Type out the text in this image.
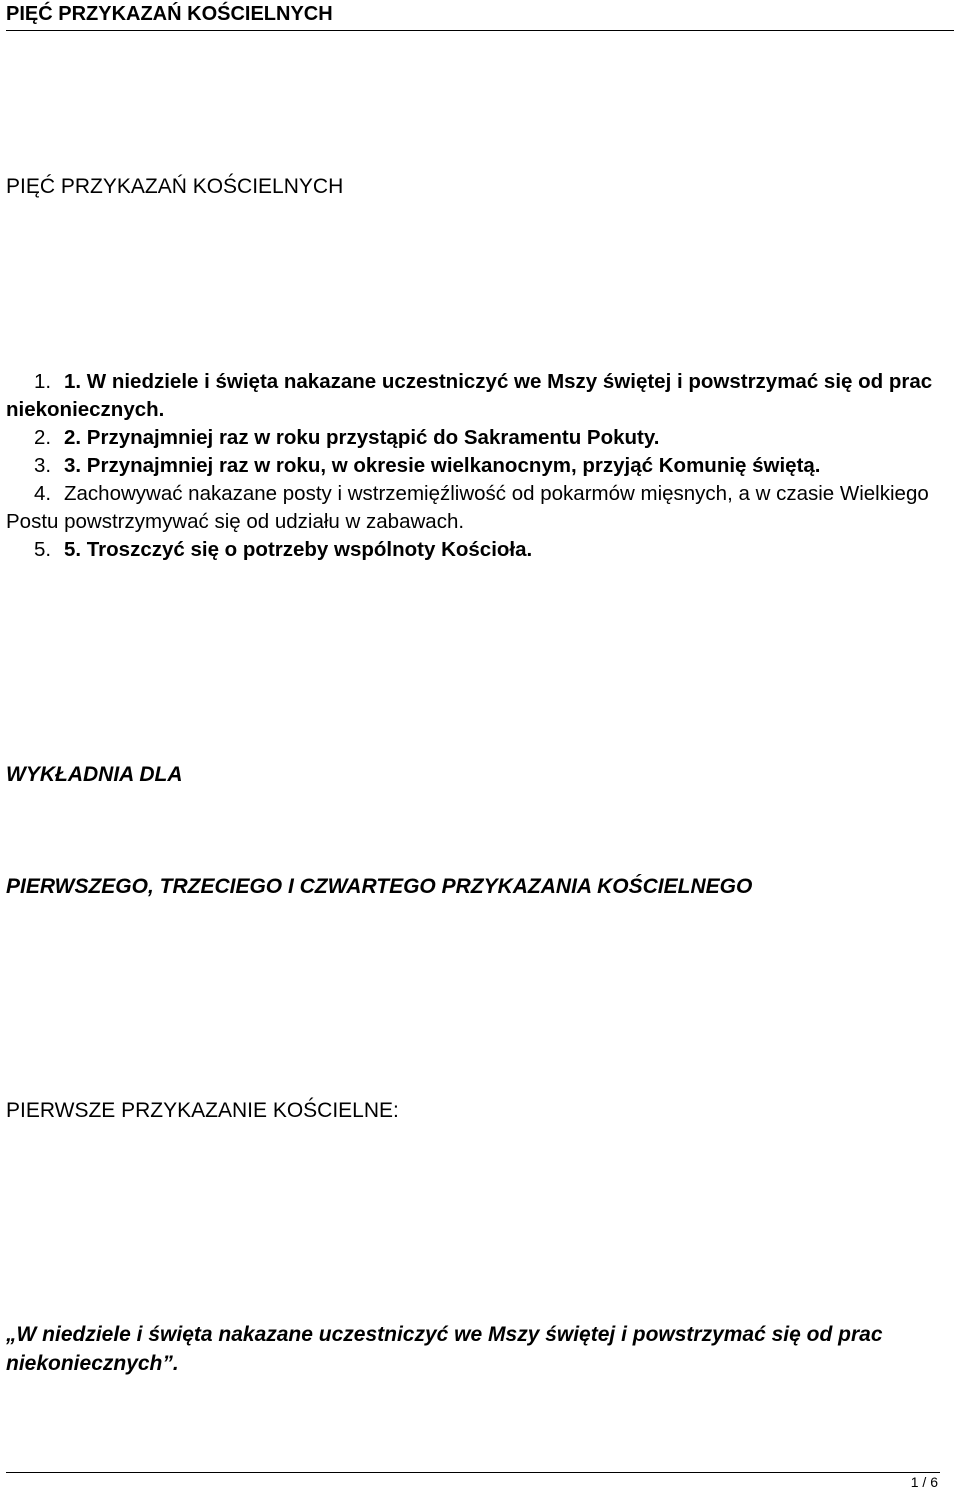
PIĘĆ PRZYKAZAŃ KOŚCIELNYCH
PIĘĆ PRZYKAZAŃ KOŚCIELNYCH

1. 1. W niedziele i święta nakazane uczestniczyć we Mszy świętej i powstrzymać się od prac niekoniecznych.

2. 2. Przynajmniej raz w roku przystąpić do Sakramentu Pokuty.

3. 3. Przynajmniej raz w roku, w okresie wielkanocnym, przyjąć Komunię świętą.

4. Zachowywać nakazane posty i wstrzemięźliwość od pokarmów mięsnych, a w czasie Wielkiego Postu powstrzymywać się od udziału w zabawach.

5. 5. Troszczyć się o potrzeby wspólnoty Kościoła.

WYKŁADNIA DLA
PIERWSZEGO, TRZECIEGO I CZWARTEGO PRZYKAZANIA KOŚCIELNEGO
PIERWSZE PRZYKAZANIE KOŚCIELNE:
„W niedziele i święta nakazane uczestniczyć we Mszy świętej i powstrzymać się od prac niekoniecznych”.
1 / 6
